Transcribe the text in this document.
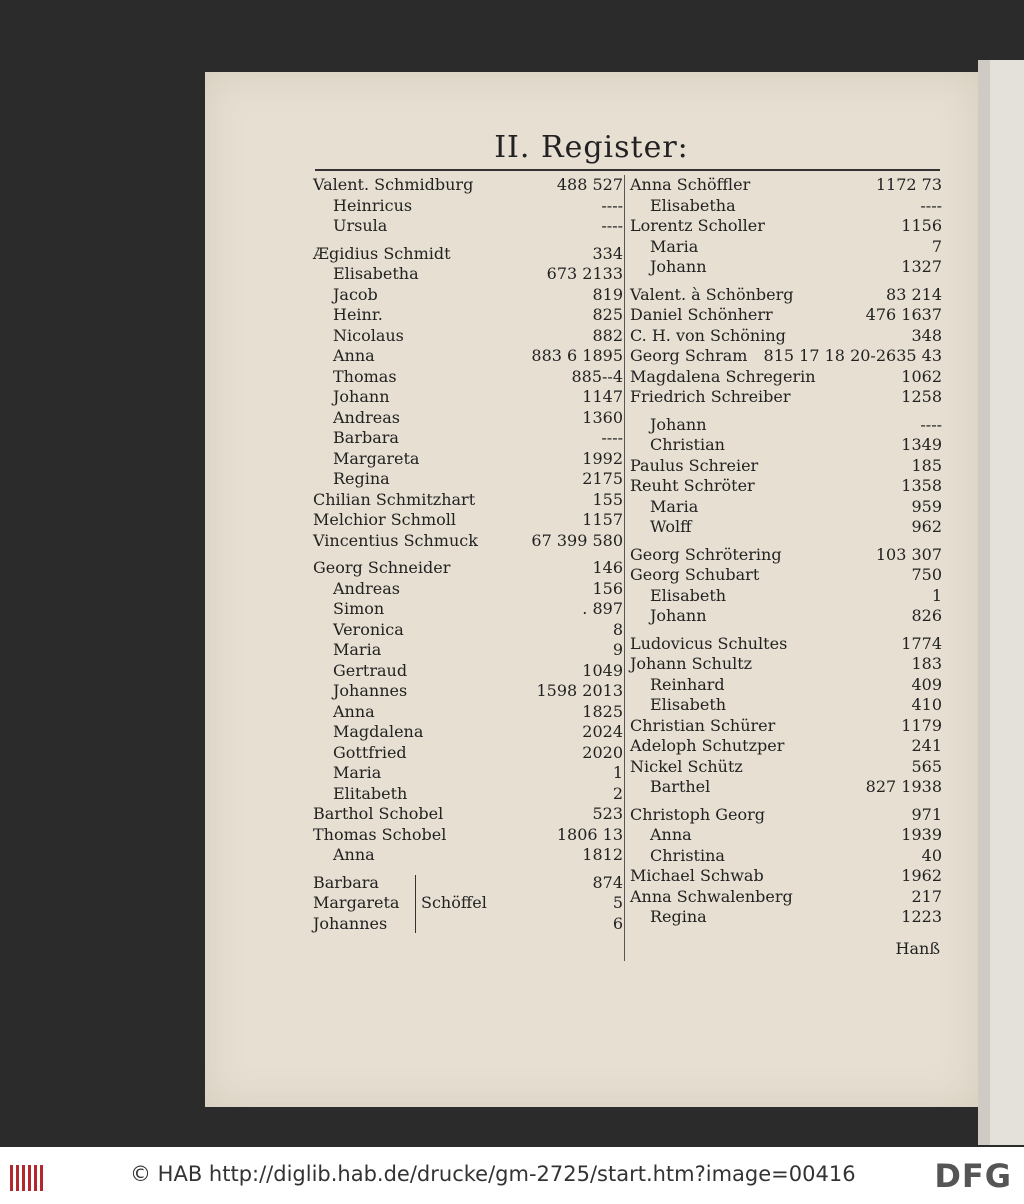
II. Register:
Valent. Schmidburg	488 527
Heinricus	----
Ursula	----
Ægidius Schmidt	334
Elisabetha	673 2133
Jacob	819
Heinr.	825
Nicolaus	882
Anna	883 6 1895
Thomas	885--4
Johann	1147
Andreas	1360
Barbara	----
Margareta	1992
Regina	2175
Chilian Schmitzhart	155
Melchior Schmoll	1157
Vincentius Schmuck	67 399 580
Georg Schneider	146
Andreas	156
Simon	. 897
Veronica	8
Maria	9
Gertraud	1049
Johannes	1598 2013
Anna	1825
Magdalena	2024
Gottfried	2020
Maria	1
Elitabeth	2
Barthol Schobel	523
Thomas Schobel	1806 13
Anna	1812
Barbara	874
Margareta	5
Johannes	6
Schöffel
Anna Schöffler	1172 73
Elisabetha	----
Lorentz Scholler	1156
Maria	7
Johann	1327
Valent. à Schönberg	83 214
Daniel Schönherr	476 1637
C. H. von Schöning	348
Georg Schram 815 17 18 20-2635 43
Magdalena Schregerin	1062
Friedrich Schreiber	1258
Johann	----
Christian	1349
Paulus Schreier	185
Reuht Schröter	1358
Maria	959
Wolff	962
Georg Schrötering	103 307
Georg Schubart	750
Elisabeth	1
Johann	826
Ludovicus Schultes	1774
Johann Schultz	183
Reinhard	409
Elisabeth	410
Christian Schürer	1179
Adeloph Schutzper	241
Nickel Schütz	565
Barthel	827 1938
Christoph Georg	971
Anna	1939
Christina	40
Michael Schwab	1962
Anna Schwalenberg	217
Regina	1223
Hanß
© HAB http://diglib.hab.de/drucke/gm-2725/start.htm?image=00416 DFG
